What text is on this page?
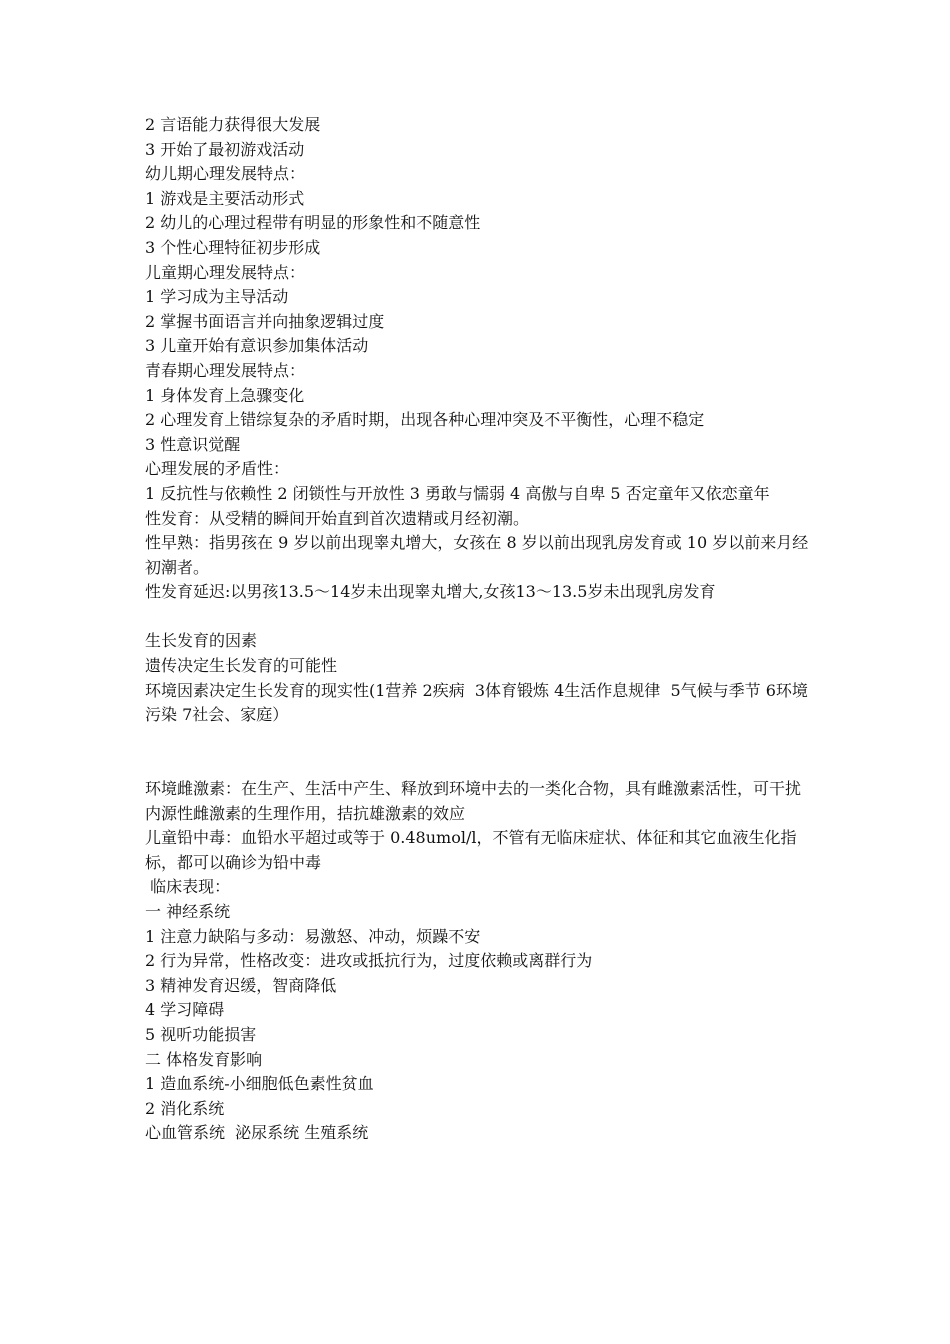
2 言语能力获得很大发展

3 开始了最初游戏活动

幼儿期心理发展特点：

1 游戏是主要活动形式

2 幼儿的心理过程带有明显的形象性和不随意性

3 个性心理特征初步形成

儿童期心理发展特点：

1 学习成为主导活动

2 掌握书面语言并向抽象逻辑过度

3 儿童开始有意识参加集体活动

青春期心理发展特点：

1 身体发育上急骤变化

2 心理发育上错综复杂的矛盾时期，出现各种心理冲突及不平衡性，心理不稳定

3 性意识觉醒

心理发展的矛盾性：

1 反抗性与依赖性 2 闭锁性与开放性 3 勇敢与懦弱 4 高傲与自卑 5 否定童年又依恋童年

性发育：从受精的瞬间开始直到首次遗精或月经初潮。

性早熟：指男孩在 9 岁以前出现睾丸增大，女孩在 8 岁以前出现乳房发育或 10 岁以前来月经初潮者。

性发育延迟:以男孩13.5～14岁未出现睾丸增大,女孩13～13.5岁未出现乳房发育

生长发育的因素

遗传决定生长发育的可能性

环境因素决定生长发育的现实性(1营养 2疾病  3体育锻炼 4生活作息规律  5气候与季节 6环境污染 7社会、家庭）

环境雌激素：在生产、生活中产生、释放到环境中去的一类化合物，具有雌激素活性，可干扰内源性雌激素的生理作用，拮抗雄激素的效应

儿童铅中毒：血铅水平超过或等于 0.48umol/l，不管有无临床症状、体征和其它血液生化指标，都可以确诊为铅中毒

临床表现：

一 神经系统

1 注意力缺陷与多动：易激怒、冲动，烦躁不安

2 行为异常，性格改变：进攻或抵抗行为，过度依赖或离群行为

3 精神发育迟缓，智商降低

4 学习障碍

5 视听功能损害

二 体格发育影响

1 造血系统-小细胞低色素性贫血

2 消化系统

心血管系统  泌尿系统 生殖系统
